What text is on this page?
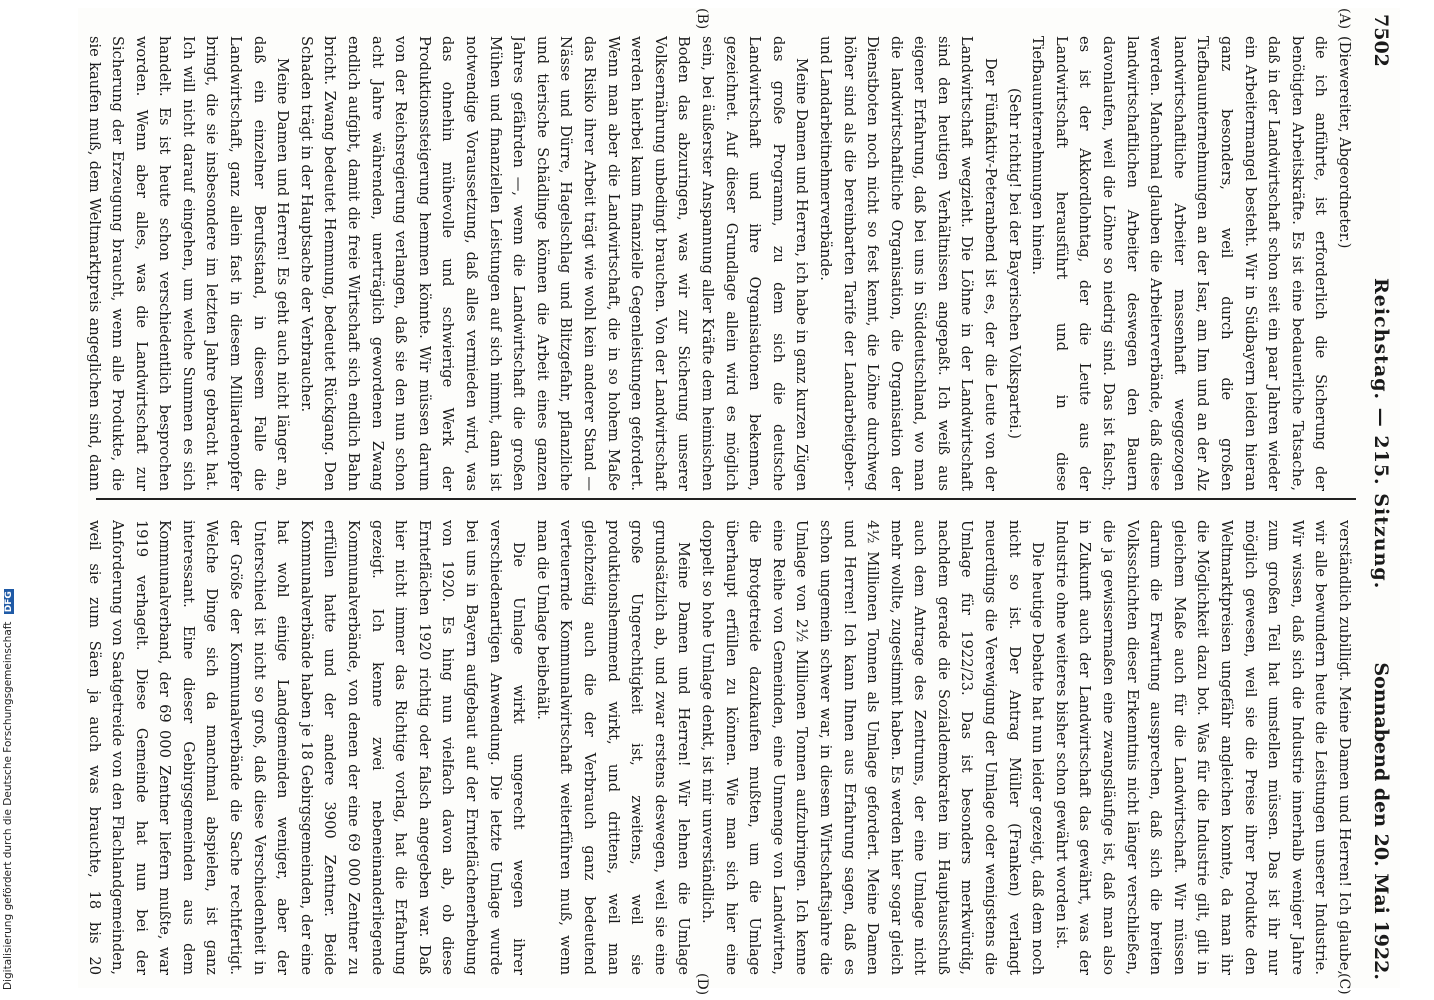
7502
Reichstag. — 215. Sitzung.
Sonnabend den 20. Mai 1922.
(A)
(B)
(C)
(D)

(Diewereiter, Abgeordneter.)

die ich anführte, ist erforderlich die Sicherung der benötigten Arbeitskräfte. Es ist eine bedauerliche Tatsache, daß in der Landwirtschaft schon seit ein paar Jahren wieder ein Arbeitermangel besteht. Wir in Südbayern leiden hieran ganz besonders, weil durch die großen Tiefbauunternehmungen an der Isar, am Inn und an der Alz landwirtschaftliche Arbeiter massenhaft weggezogen werden. Manchmal glauben die Arbeiterverbände, daß diese landwirtschaftlichen Arbeiter deswegen den Bauern davonlaufen, weil die Löhne so niedrig sind. Das ist falsch; es ist der Akkordlohntag, der die Leute aus der Landwirtschaft herausführt und in diese Tiefbauunternehmungen hinein.

(Sehr richtig! bei der Bayerischen Volkspartei.)

Der Fünfaktiv-Peteranbend ist es, der die Leute von der Landwirtschaft wegzieht. Die Löhne in der Landwirtschaft sind den heutigen Verhältnissen angepaßt. Ich weiß aus eigener Erfahrung, daß bei uns in Süddeutschland, wo man die landwirtschaftliche Organisation, die Organisation der Dienstboten noch nicht so fest kennt, die Löhne durchweg höher sind als die bereinbarten Tarife der Landarbeitgeber- und Landarbeitnehmerverbände.

Meine Damen und Herren, ich habe in ganz kurzen Zügen das große Programm, zu dem sich die deutsche Landwirtschaft und ihre Organisationen bekennen, gezeichnet. Auf dieser Grundlage allein wird es möglich sein, bei äußerster Anspannung aller Kräfte dem heimischen Boden das abzuringen, was wir zur Sicherung unserer Volksernährung unbedingt brauchen. Von der Landwirtschaft werden hierbei kaum finanzielle Gegenleistungen gefordert. Wenn man aber die Landwirtschaft, die in so hohem Maße das Risiko ihrer Arbeit trägt wie wohl kein anderer Stand — Nässe und Dürre, Hagelschlag und Blitzgefahr, pflanzliche und tierische Schädlinge können die Arbeit eines ganzen Jahres gefährden —, wenn die Landwirtschaft die großen Mühen und finanziellen Leistungen auf sich nimmt, dann ist notwendige Voraussetzung, daß alles vermieden wird, was das ohnehin mühevolle und schwierige Werk der Produktionssteigerung hemmen könnte. Wir müssen darum von der Reichsregierung verlangen, daß sie den nun schon acht Jahre währenden, unerträglich gewordenen Zwang endlich aufgibt, damit die freie Wirtschaft sich endlich Bahn bricht. Zwang bedeutet Hemmung, bedeutet Rückgang. Den Schaden trägt in der Hauptsache der Verbraucher.

Meine Damen und Herren! Es geht auch nicht länger an, daß ein einzelner Berufsstand, in diesem Falle die Landwirtschaft, ganz allein fast in diesem Milliardenopfer bringt, die sie insbesondere im letzten Jahre gebracht hat. Ich will nicht darauf eingehen, um welche Summen es sich handelt. Es ist heute schon verschiedentlich besprochen worden. Wenn aber alles, was die Landwirtschaft zur Sicherung der Erzeugung braucht, wenn alle Produkte, die sie kaufen muß, dem Weltmarktpreis angeglichen sind, dann

verständlich zubilligt. Meine Damen und Herren! Ich glaube, wir alle bewundern heute die Leistungen unserer Industrie. Wir wissen, daß sich die Industrie innerhalb weniger Jahre zum großen Teil hat umstellen müssen. Das ist ihr nur möglich gewesen, weil sie die Preise ihrer Produkte den Weltmarktpreisen ungefähr angleichen konnte, da man ihr die Möglichkeit dazu bot. Was für die Industrie gilt, gilt in gleichem Maße auch für die Landwirtschaft. Wir müssen darum die Erwartung aussprechen, daß sich die breiten Volksschichten dieser Erkenntnis nicht länger verschließen, die ja gewissermaßen eine zwangsläufige ist, daß man also in Zukunft auch der Landwirtschaft das gewährt, was der Industrie ohne weiteres bisher schon gewährt worden ist.

Die heutige Debatte hat nun leider gezeigt, daß dem noch nicht so ist. Der Antrag Müller (Franken) verlangt neuerdings die Verewigung der Umlage oder wenigstens die Umlage für 1922/23. Das ist besonders merkwürdig, nachdem gerade die Sozialdemokraten im Hauptausschuß auch dem Antrage des Zentrums, der eine Umlage nicht mehr wollte, zugestimmt haben. Es werden hier sogar gleich 4½ Millionen Tonnen als Umlage gefordert. Meine Damen und Herren! Ich kann Ihnen aus Erfahrung sagen, daß es schon ungemein schwer war, in diesem Wirtschaftsjahre die Umlage von 2½ Millionen Tonnen aufzubringen. Ich kenne eine Reihe von Gemeinden, eine Unmenge von Landwirten, die Brotgetreide dazukaufen mußten, um die Umlage überhaupt erfüllen zu können. Wie man sich hier eine doppelt so hohe Umlage denkt, ist mir unverständlich.

Meine Damen und Herren! Wir lehnen die Umlage grundsätzlich ab, und zwar erstens deswegen, weil sie eine große Ungerechtigkeit ist, zweitens, weil sie produktionshemmend wirkt, und drittens, weil man gleichzeitig auch die der Verbrauch ganz bedeutend verteuernde Kommunalwirtschaft weiterführen muß, wenn man die Umlage beibehält.

Die Umlage wirkt ungerecht wegen ihrer verschiedenartigen Anwendung. Die letzte Umlage wurde bei uns in Bayern aufgebaut auf der Ernteflächenerhebung von 1920. Es hing nun vielfach davon ab, ob diese Ernteflächen 1920 richtig oder falsch angegeben war. Daß hier nicht immer das Richtige vorlag, hat die Erfahrung gezeigt. Ich kenne zwei nebeneinanderliegende Kommunalverbände, von denen der eine 69 000 Zentner zu erfüllen hatte und der andere 3900 Zentner. Beide Kommunalverbände haben je 18 Gebirgsgemeinden, der eine hat wohl einige Landgemeinden weniger, aber der Unterschied ist nicht so groß, daß diese Verschiedenheit in der Größe der Kommunalverbände die Sache rechtfertigt. Welche Dinge sich da manchmal abspielen, ist ganz interessant. Eine dieser Gebirgsgemeinden aus dem Kommunalverband, der 69 000 Zentner liefern mußte, war 1919 verhagelt. Diese Gemeinde hat nun bei der Anforderung von Saatgetreide von den Flachlandgemeinden, weil sie zum Säen ja auch was brauchte, 18 bis 20

Digitalisierung gefördert durch die Deutsche Forschungsgemeinschaft DFG
